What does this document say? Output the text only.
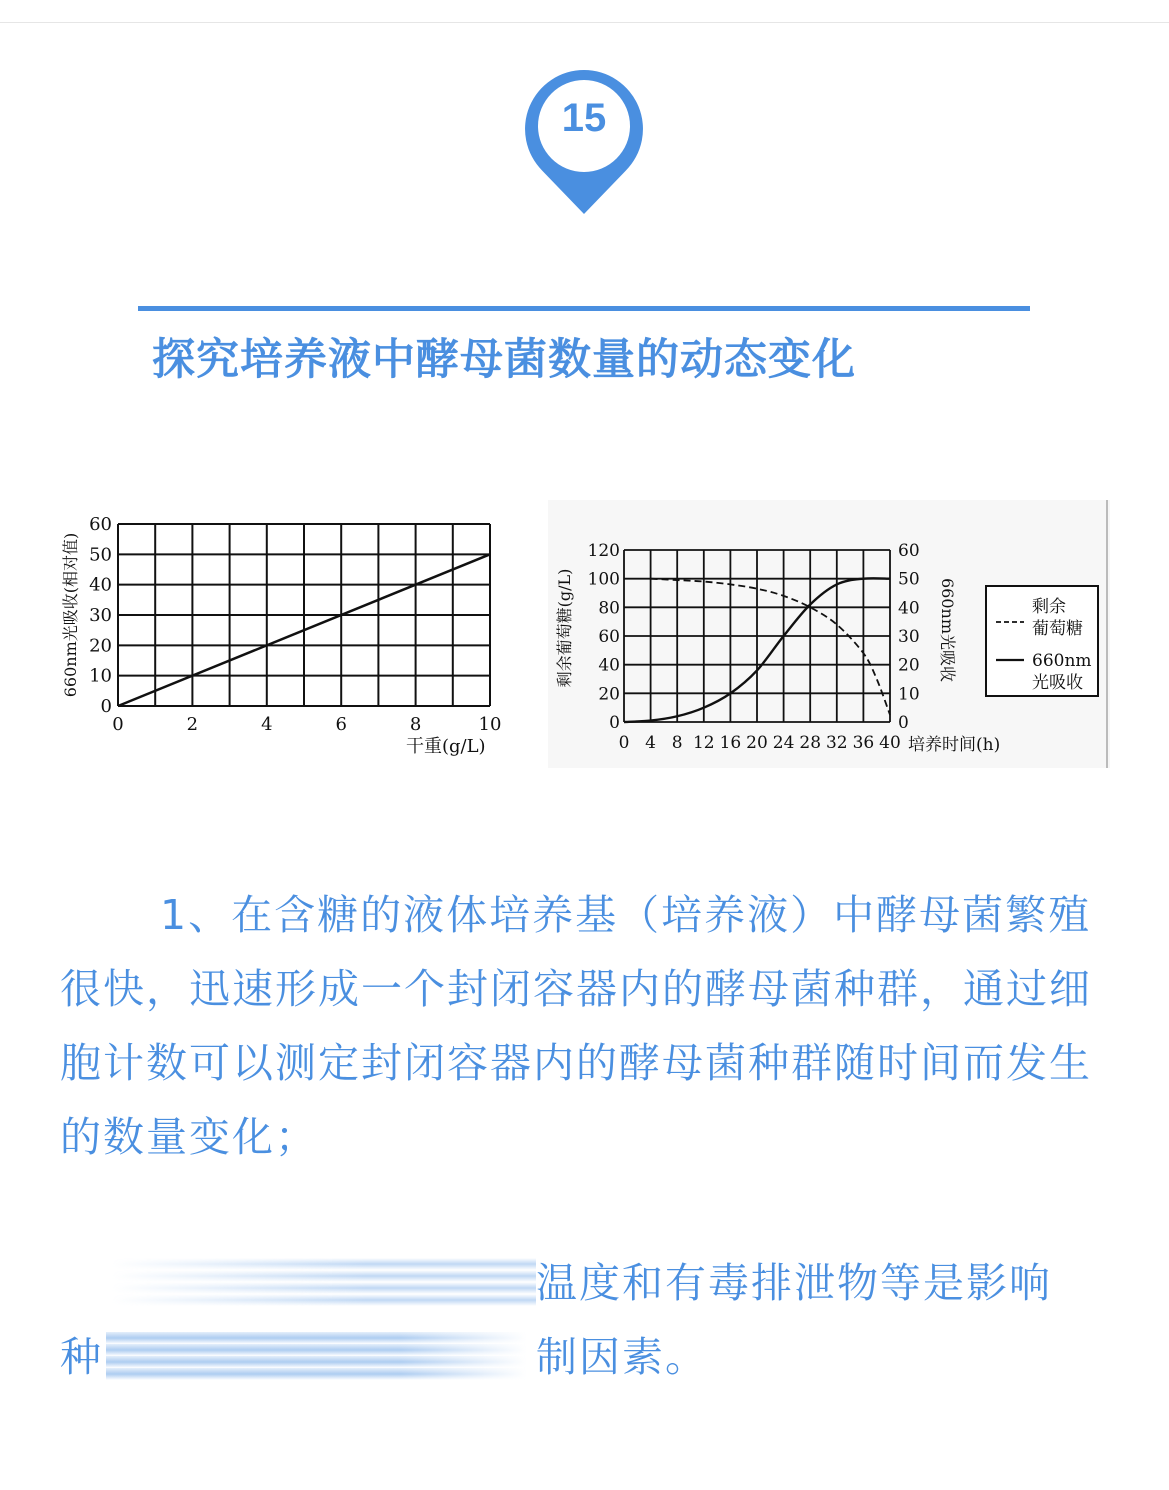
15
探究培养液中酵母菌数量的动态变化
0
10
20
30
40
50
60
0	2	4	6	8	10
660nm光吸收(相对值)
干重(g/L)
0
20
40
60
80
100
120
0
10
20
30
40
50
60
0 4 8 12 16 20 24 28 32 36 40
剩余葡萄糖(g/L)	660nm光吸收
培养时间(h)
剩余
葡萄糖
660nm
光吸收

1、在含糖的液体培养基（培养液）中酵母菌繁殖很快，迅速形成一个封闭容器内的酵母菌种群，通过细胞计数可以测定封闭容器内的酵母菌种群随时间而发生的数量变化；

温度和有毒排泄物等是影响
种	制因素。
